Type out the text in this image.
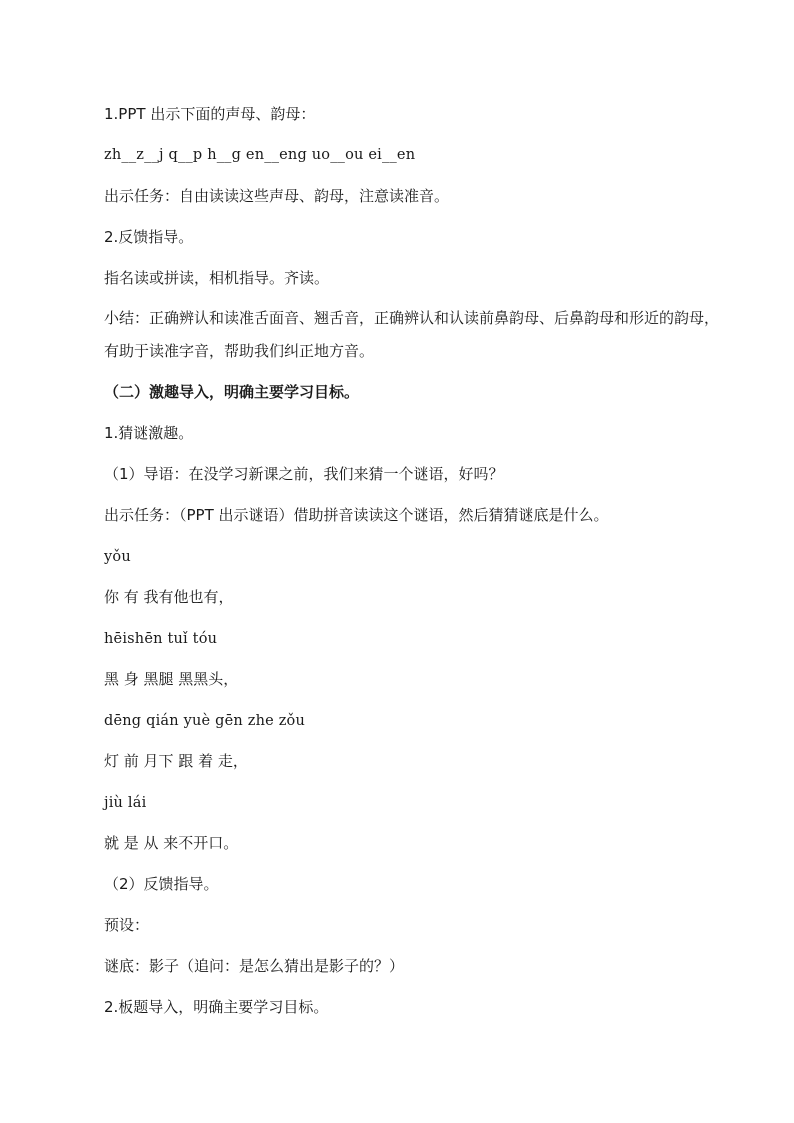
1.PPT 出示下面的声母、韵母：
zh__z__j q__p h__g en__eng uo__ou ei__en
出示任务：自由读读这些声母、韵母，注意读准音。
2.反馈指导。
指名读或拼读，相机指导。齐读。
小结：正确辨认和读准舌面音、翘舌音，正确辨认和认读前鼻韵母、后鼻韵母和形近的韵母，有助于读准字音，帮助我们纠正地方音。
（二）激趣导入，明确主要学习目标。
1.猜谜激趣。
（1）导语：在没学习新课之前，我们来猜一个谜语，好吗？
出示任务：（PPT 出示谜语）借助拼音读读这个谜语，然后猜猜谜底是什么。
yǒu
你 有 我有他也有，
hēishēn tuǐ tóu
黑 身 黑腿 黑黑头，
dēng qián yuè gēn zhe zǒu
灯 前 月下 跟 着 走，
jiù lái
就 是 从 来不开口。
（2）反馈指导。
预设：
谜底：影子（追问：是怎么猜出是影子的？）
2.板题导入，明确主要学习目标。
